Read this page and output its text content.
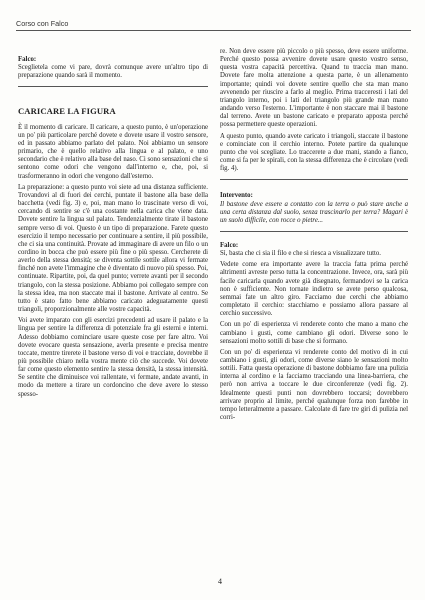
Corso con Falco
Falco:
Sceglietela come vi pare, dovrà comunque avere un'altro tipo di preparazione quando sarà il momento.
CARICARE LA FIGURA

È il momento di caricare. Il caricare, a questo punto, è un'operazione un po' più particolare perché dovete e dovete usare il vostro sensore, ed in passato abbiamo parlato del palato. Noi abbiamo un sensore primario, che è quello relativo alla lingua e al palato, e uno secondario che è relativo alla base del naso. Ci sono sensazioni che si sentono come odori che vengono dall'interno e, che, poi, si trasformeranno in odori che vengono dall'esterno.

La preparazione: a questo punto voi siete ad una distanza sufficiente. Trovandovi al di fuori dei cerchi, puntate il bastone alla base della bacchetta (vedi fig. 3) e, poi, man mano lo trascinate verso di voi, cercando di sentire se c'è una costante nella carica che viene data. Dovete sentire la lingua sul palato. Tendenzialmente tirate il bastone sempre verso di voi. Questo è un tipo di preparazione. Farete questo esercizio il tempo necessario per continuare a sentire, il più possibile, che ci sia una continuità. Provate ad immaginare di avere un filo o un cordino in bocca che può essere più fine o più spesso. Cercherete di averlo della stessa densità; se diventa sottile sottile allora vi fermate finché non avete l'immagine che è diventato di nuovo più spesso. Poi, continuate. Ripartite, poi, da quel punto; verrete avanti per il secondo triangolo, con la stessa posizione. Abbiamo poi collegato sempre con la stessa idea, ma non staccate mai il bastone. Arrivate al centro. Se tutto è stato fatto bene abbiamo caricato adeguatamente questi triangoli, proporzionalmente alle vostre capacità.

Voi avete imparato con gli esercizi precedenti ad usare il palato e la lingua per sentire la differenza di potenziale fra gli esterni e interni. Adesso dobbiamo cominciare usare queste cose per fare altro. Voi dovete evocare questa sensazione, averla presente e precisa mentre toccate, mentre tirerete il bastone verso di voi e tracciate, dovrebbe il più possibile chiaro nella vostra mente ciò che succede. Voi dovete far come questo elemento sentire la stessa densità, la stessa intensità. Se sentite che diminuisce voi rallentate, vi fermate, andate avanti, in modo da mettere a tirare un cordoncino che deve avere lo stesso spesso-

re. Non deve essere più piccolo o più spesso, deve essere uniforme. Perché questo possa avvenire dovete usare questo vostro senso, questa vostra capacità percettiva. Quand tu traccia man mano. Dovete fare molta attenzione a questa parte, è un allenamento importante; quindi voi dovete sentire quello che sta man mano avvenendo per riuscire a farlo al meglio. Prima tracceresti i lati del triangolo interno, poi i lati del triangolo più grande man mano andando verso l'esterno. L'importante è non staccare mai il bastone dal terreno. Avete un bastone caricato e preparato apposta perché possa permettere queste operazioni.

A questo punto, quando avete caricato i triangoli, staccate il bastone e cominciate con il cerchio interno. Potete partire da qualunque punto che voi scegliate. Lo traccerete a due mani, stando a fianco, come si fa per le spirali, con la stessa differenza che è circolare (vedi fig. 4).

Intervento:
Il bastone deve essere a contatto con la terra o può stare anche a una certa distanza dal suolo, senza trascinarlo per terra? Magari è un suolo difficile, con rocce o pietre...
Falco:

Sì, basta che ci sia il filo e che si riesca a visualizzare tutto.

Vedete come era importante avere la traccia fatta prima perché altrimenti avreste perso tutta la concentrazione. Invece, ora, sarà più facile caricarla quando avete già disegnato, fermandovi se la carica non è sufficiente. Non tornate indietro se avete perso qualcosa, semmai fate un altro giro. Facciamo due cerchi che abbiamo completato il cerchio: stacchiamo e possiamo allora passare al cerchio successivo.

Con un po' di esperienza vi renderete conto che mano a mano che cambiano i gusti, come cambiano gli odori. Diverse sono le sensazioni molto sottili di base che si formano.

Con un po' di esperienza vi renderete conto del motivo di in cui cambiano i gusti, gli odori, come diverse siano le sensazioni molto sottili. Fatta questa operazione di bastone dobbiamo fare una pulizia interna al cordino e la facciamo tracciando una linea-barriera, che però non arriva a toccare le due circonferenze (vedi fig. 2). Idealmente questi punti non dovrebbero toccarsi; dovrebbero arrivare proprio al limite, perché qualunque forza non farebbe in tempo letteralmente a passare. Calcolate di fare tre giri di pulizia nel corri-

4
